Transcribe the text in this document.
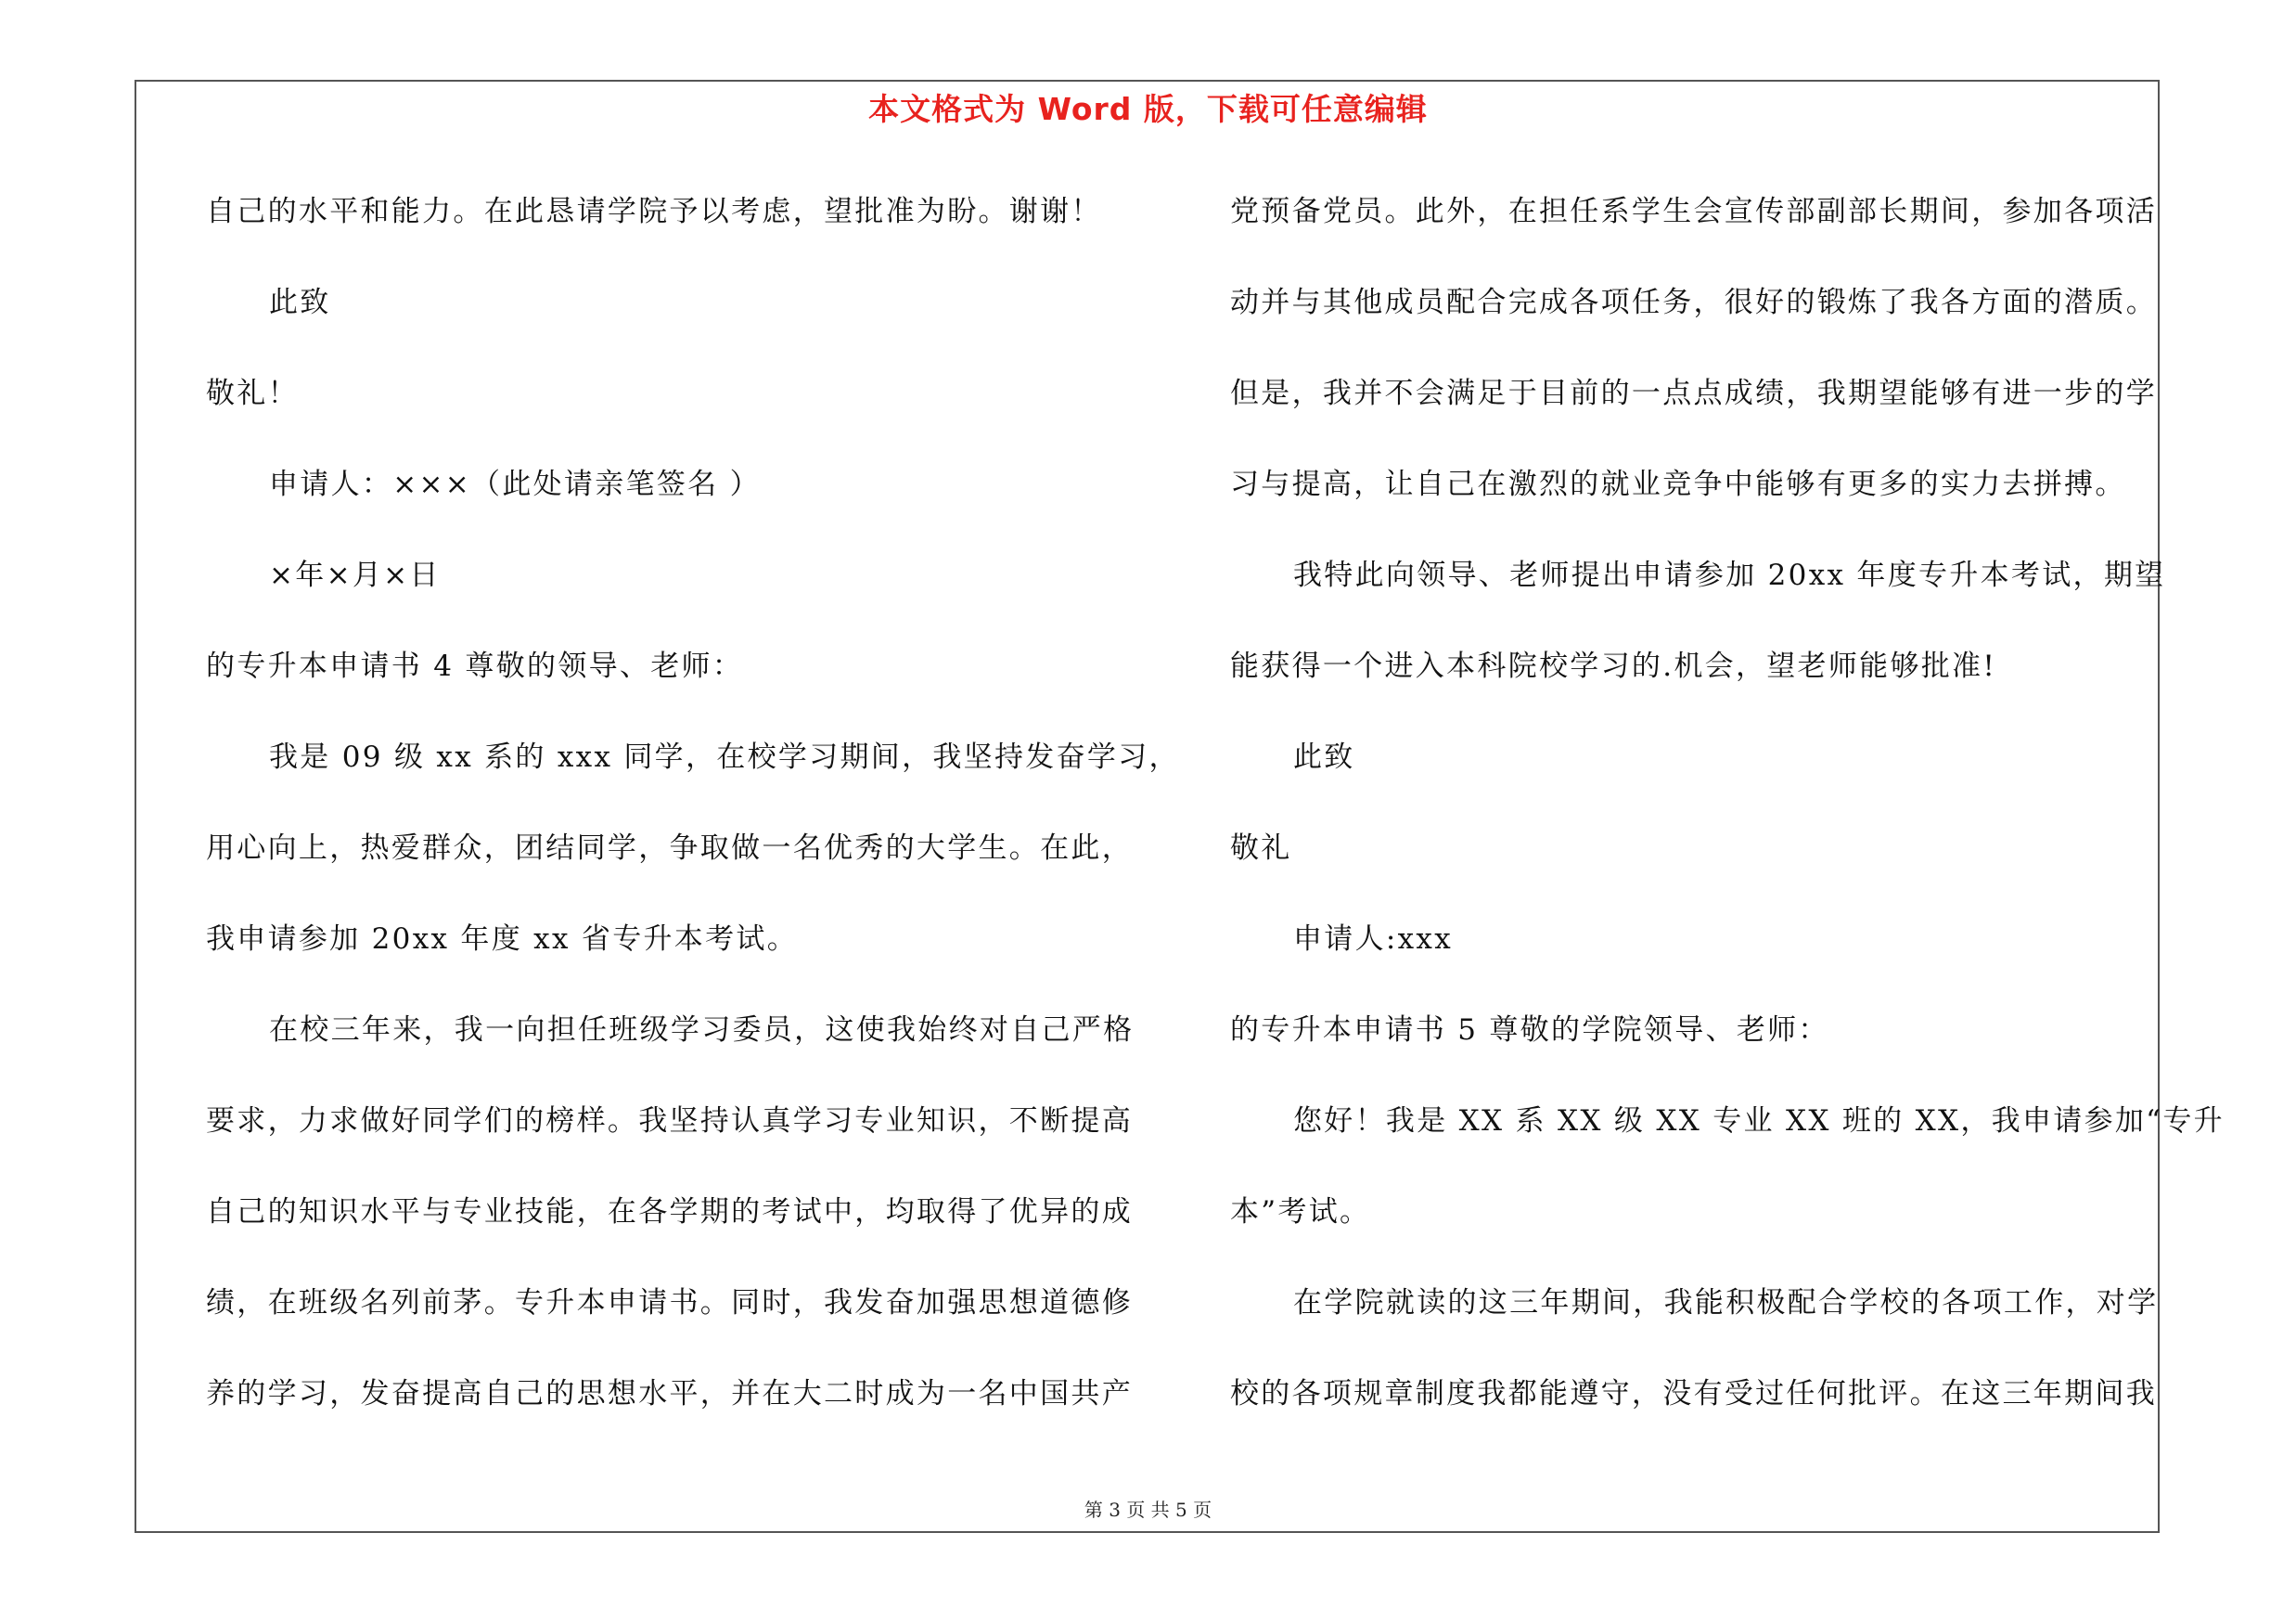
本文格式为 Word 版，下载可任意编辑
自己的水平和能力。在此恳请学院予以考虑，望批准为盼。谢谢！
此致
敬礼！
申请人：×××（此处请亲笔签名 ）
×年×月×日
的专升本申请书 4 尊敬的领导、老师：
我是 09 级 xx 系的 xxx 同学，在校学习期间，我坚持发奋学习，
用心向上，热爱群众，团结同学，争取做一名优秀的大学生。在此，
我申请参加 20xx 年度 xx 省专升本考试。
在校三年来，我一向担任班级学习委员，这使我始终对自己严格
要求，力求做好同学们的榜样。我坚持认真学习专业知识，不断提高
自己的知识水平与专业技能，在各学期的考试中，均取得了优异的成
绩，在班级名列前茅。专升本申请书。同时，我发奋加强思想道德修
养的学习，发奋提高自己的思想水平，并在大二时成为一名中国共产
党预备党员。此外，在担任系学生会宣传部副部长期间，参加各项活
动并与其他成员配合完成各项任务，很好的锻炼了我各方面的潜质。
但是，我并不会满足于目前的一点点成绩，我期望能够有进一步的学
习与提高，让自己在激烈的就业竞争中能够有更多的实力去拼搏。
我特此向领导、老师提出申请参加 20xx 年度专升本考试，期望
能获得一个进入本科院校学习的.机会，望老师能够批准!
此致
敬礼
申请人:xxx
的专升本申请书 5 尊敬的学院领导、老师：
您好！我是 XX 系 XX 级 XX 专业 XX 班的 XX，我申请参加“专升
本”考试。
在学院就读的这三年期间，我能积极配合学校的各项工作，对学
校的各项规章制度我都能遵守，没有受过任何批评。在这三年期间我
第 3 页 共 5 页
